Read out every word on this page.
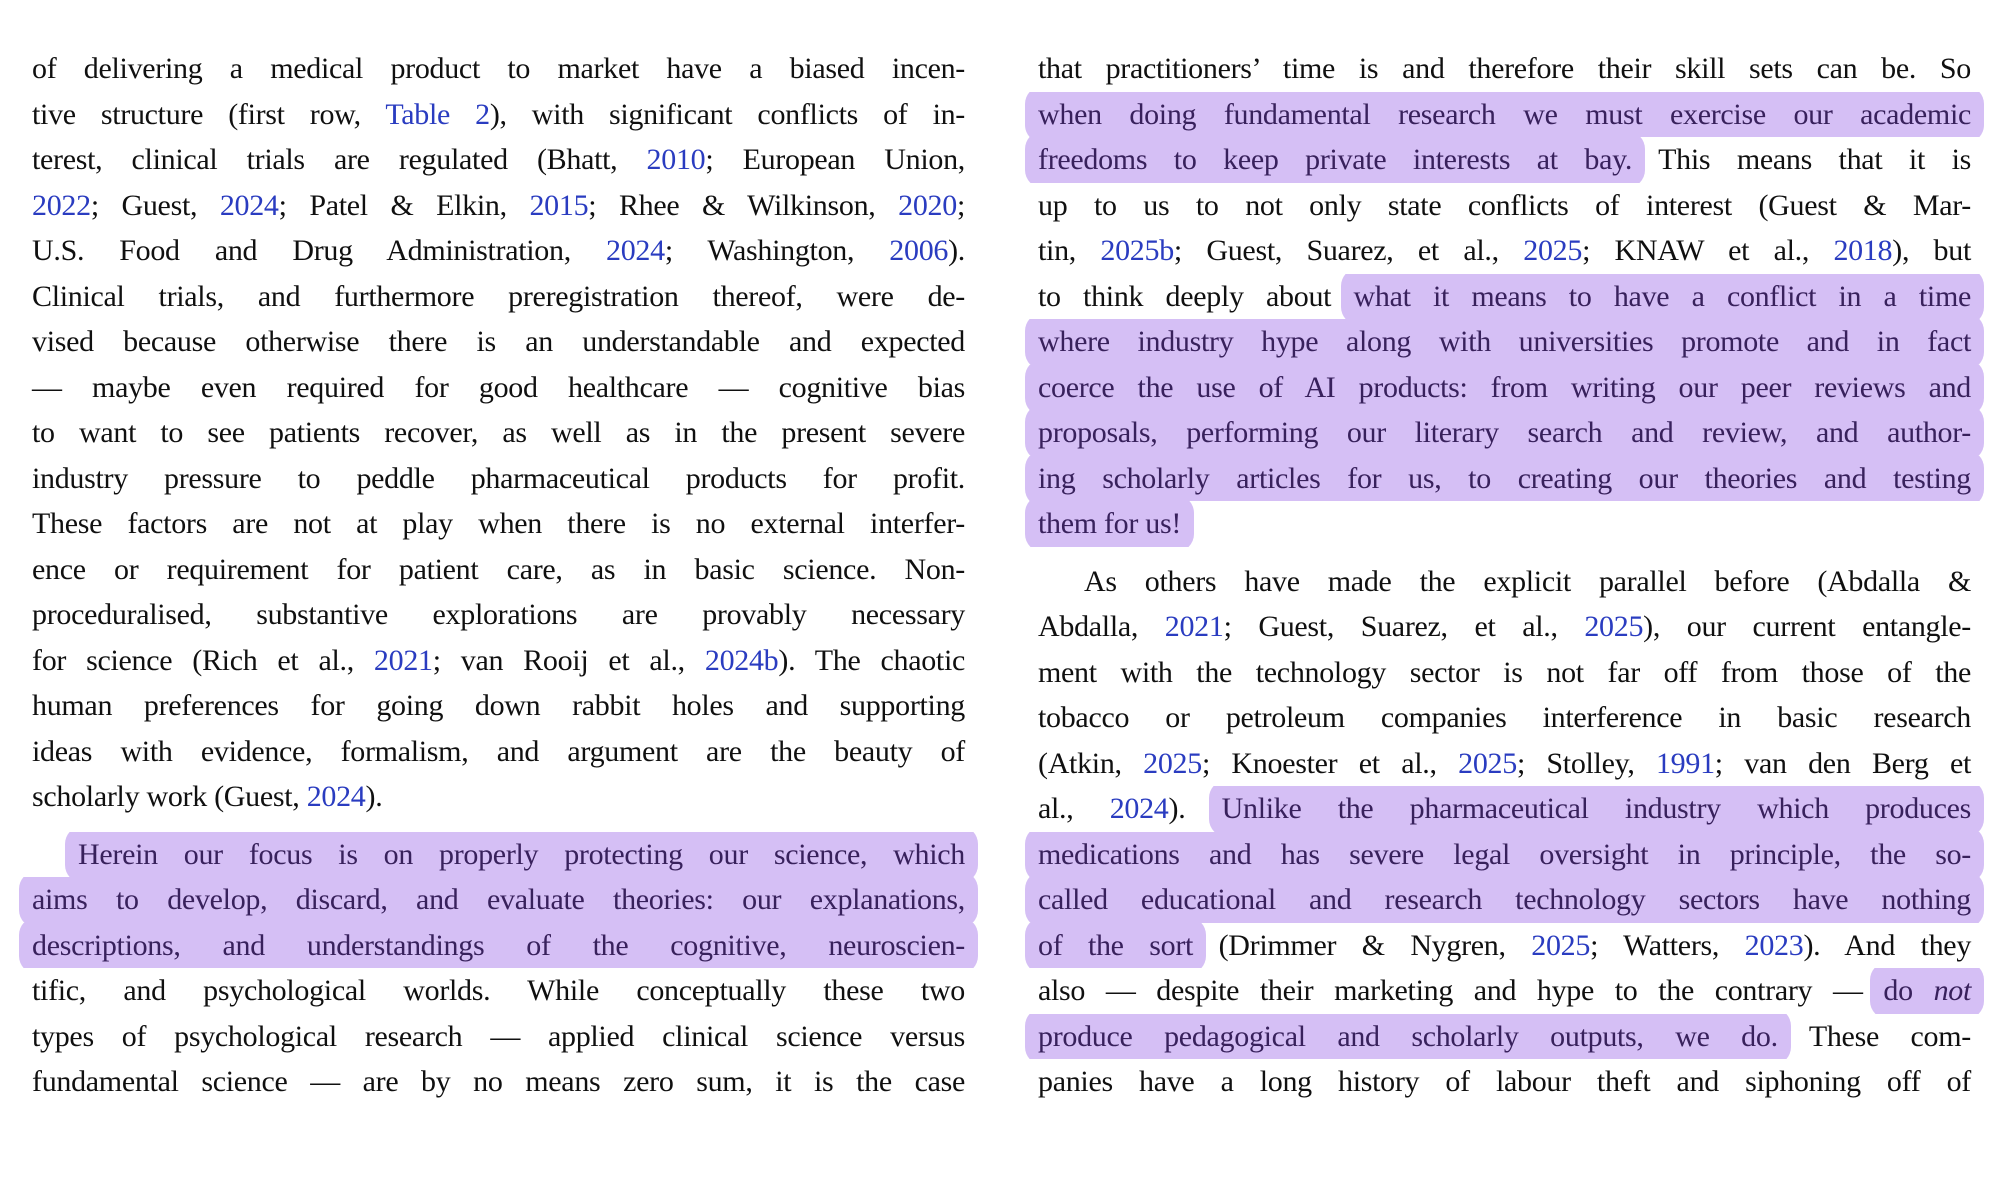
of delivering a medical product to market have a biased incen-
tive structure (first row, Table 2), with significant conflicts of in-
terest, clinical trials are regulated (Bhatt, 2010; European Union,
2022; Guest, 2024; Patel & Elkin, 2015; Rhee & Wilkinson, 2020;
U.S. Food and Drug Administration, 2024; Washington, 2006).
Clinical trials, and furthermore preregistration thereof, were de-
vised because otherwise there is an understandable and expected
— maybe even required for good healthcare — cognitive bias
to want to see patients recover, as well as in the present severe
industry pressure to peddle pharmaceutical products for profit.
These factors are not at play when there is no external interfer-
ence or requirement for patient care, as in basic science. Non-
proceduralised, substantive explorations are provably necessary
for science (Rich et al., 2021; van Rooij et al., 2024b). The chaotic
human preferences for going down rabbit holes and supporting
ideas with evidence, formalism, and argument are the beauty of
scholarly work (Guest, 2024).
Herein our focus is on properly protecting our science, which
aims to develop, discard, and evaluate theories: our explanations,
descriptions, and understandings of the cognitive, neuroscien-
tific, and psychological worlds. While conceptually these two
types of psychological research — applied clinical science versus
fundamental science — are by no means zero sum, it is the case
that practitioners’ time is and therefore their skill sets can be. So
when doing fundamental research we must exercise our academic
freedoms to keep private interests at bay. This means that it is
up to us to not only state conflicts of interest (Guest & Mar-
tin, 2025b; Guest, Suarez, et al., 2025; KNAW et al., 2018), but
to think deeply about what it means to have a conflict in a time
where industry hype along with universities promote and in fact
coerce the use of AI products: from writing our peer reviews and
proposals, performing our literary search and review, and author-
ing scholarly articles for us, to creating our theories and testing
them for us!
As others have made the explicit parallel before (Abdalla &
Abdalla, 2021; Guest, Suarez, et al., 2025), our current entangle-
ment with the technology sector is not far off from those of the
tobacco or petroleum companies interference in basic research
(Atkin, 2025; Knoester et al., 2025; Stolley, 1991; van den Berg et
al., 2024). Unlike the pharmaceutical industry which produces
medications and has severe legal oversight in principle, the so-
called educational and research technology sectors have nothing
of the sort (Drimmer & Nygren, 2025; Watters, 2023). And they
also — despite their marketing and hype to the contrary — do not
produce pedagogical and scholarly outputs, we do. These com-
panies have a long history of labour theft and siphoning off of
